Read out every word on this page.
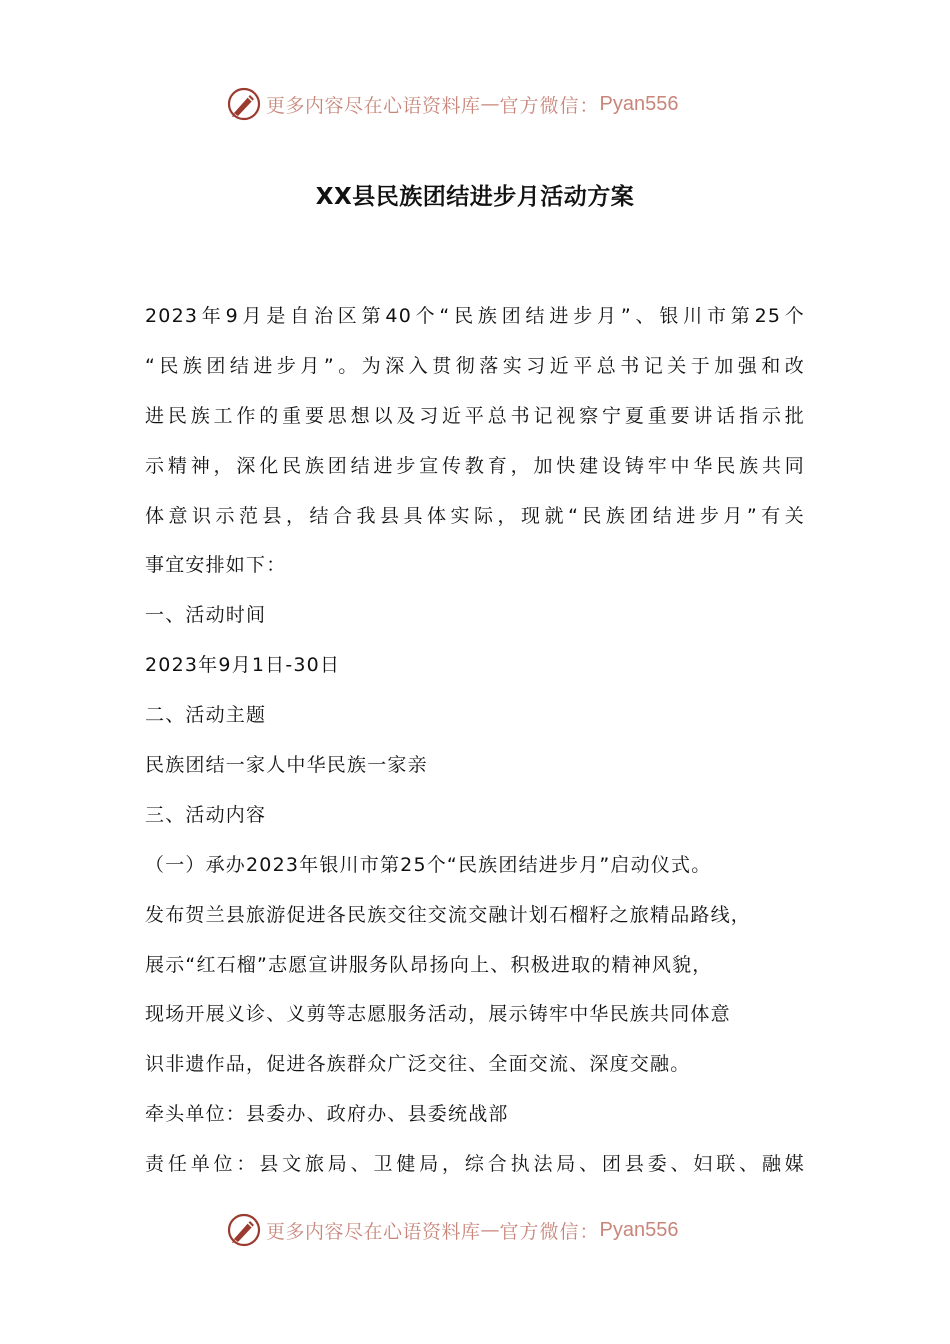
更多内容尽在心语资料库 — 官方微信： Pyan556
XX县民族团结进步月活动方案
2023年9月是自治区第40个“民族团结进步月”、银川市第25个
“民族团结进步月”。为深入贯彻落实习近平总书记关于加强和改
进民族工作的重要思想以及习近平总书记视察宁夏重要讲话指示批
示精神，深化民族团结进步宣传教育，加快建设铸牢中华民族共同
体意识示范县，结合我县具体实际，现就“民族团结进步月”有关
事宜安排如下：
一、活动时间
2023年9月1日-30日
二、活动主题
民族团结一家人中华民族一家亲
三、活动内容
（一）承办2023年银川市第25个“民族团结进步月”启动仪式。
发布贺兰县旅游促进各民族交往交流交融计划石榴籽之旅精品路线，
展示“红石榴”志愿宣讲服务队昂扬向上、积极进取的精神风貌，
现场开展义诊、义剪等志愿服务活动，展示铸牢中华民族共同体意
识非遗作品，促进各族群众广泛交往、全面交流、深度交融。
牵头单位：县委办、政府办、县委统战部
责任单位：县文旅局、卫健局，综合执法局、团县委、妇联、融媒
更多内容尽在心语资料库 — 官方微信： Pyan556
